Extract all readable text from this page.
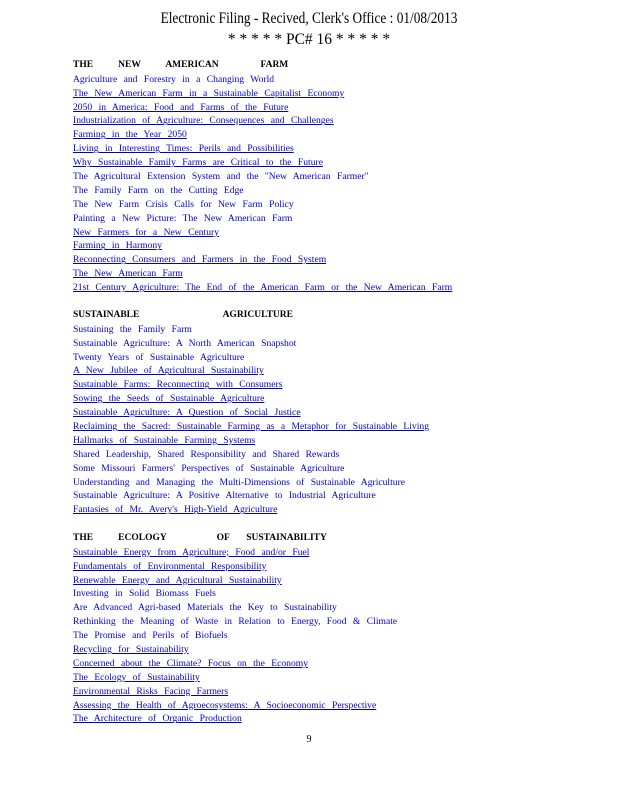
Electronic Filing - Recived, Clerk's Office : 01/08/2013
* * * * * PC# 16 * * * * *
THE   NEW   AMERICAN     FARM
Agriculture and Forestry in a Changing World
The New American Farm in a Sustainable Capitalist Economy
2050 in America: Food and Farms of the Future
Industrialization of Agriculture: Consequences and Challenges
Farming in the Year 2050
Living in Interesting Times: Perils and Possibilities
Why Sustainable Family Farms are Critical to the Future
The Agricultural Extension System and the "New American Farmer"
The Family Farm on the Cutting Edge
The New Farm Crisis Calls for New Farm Policy
Painting a New Picture: The New American Farm
New Farmers for a New Century
Farming in Harmony
Reconnecting Consumers and Farmers in the Food System
The New American Farm
21st Century Agriculture: The End of the American Farm or the New American Farm
SUSTAINABLE          AGRICULTURE
Sustaining the Family Farm
Sustainable Agriculture: A North American Snapshot
Twenty Years of Sustainable Agriculture
A New Jubilee of Agricultural Sustainability
Sustainable Farms: Reconnecting with Consumers
Sowing the Seeds of Sustainable Agriculture
Sustainable Agriculture: A Question of Social Justice
Reclaiming the Sacred: Sustainable Farming as a Metaphor for Sustainable Living
Hallmarks of Sustainable Farming Systems
Shared Leadership, Shared Responsibility and Shared Rewards
Some Missouri Farmers' Perspectives of Sustainable Agriculture
Understanding and Managing the Multi-Dimensions of Sustainable Agriculture
Sustainable Agriculture: A Positive Alternative to Industrial Agriculture
Fantasies of Mr. Avery's High-Yield Agriculture
THE   ECOLOGY      OF  SUSTAINABILITY
Sustainable Energy from Agriculture; Food and/or Fuel
Fundamentals of Environmental Responsibility
Renewable Energy and Agricultural Sustainability
Investing in Solid Biomass Fuels
Are Advanced Agri-based Materials the Key to Sustainability
Rethinking the Meaning of Waste in Relation to Energy, Food & Climate
The Promise and Perils of Biofuels
Recycling for Sustainability
Concerned about the Climate? Focus on the Economy
The Ecology of Sustainability
Environmental Risks Facing Farmers
Assessing the Health of Agroecosystems: A Socioeconomic Perspective
The Architecture of Organic Production
9
